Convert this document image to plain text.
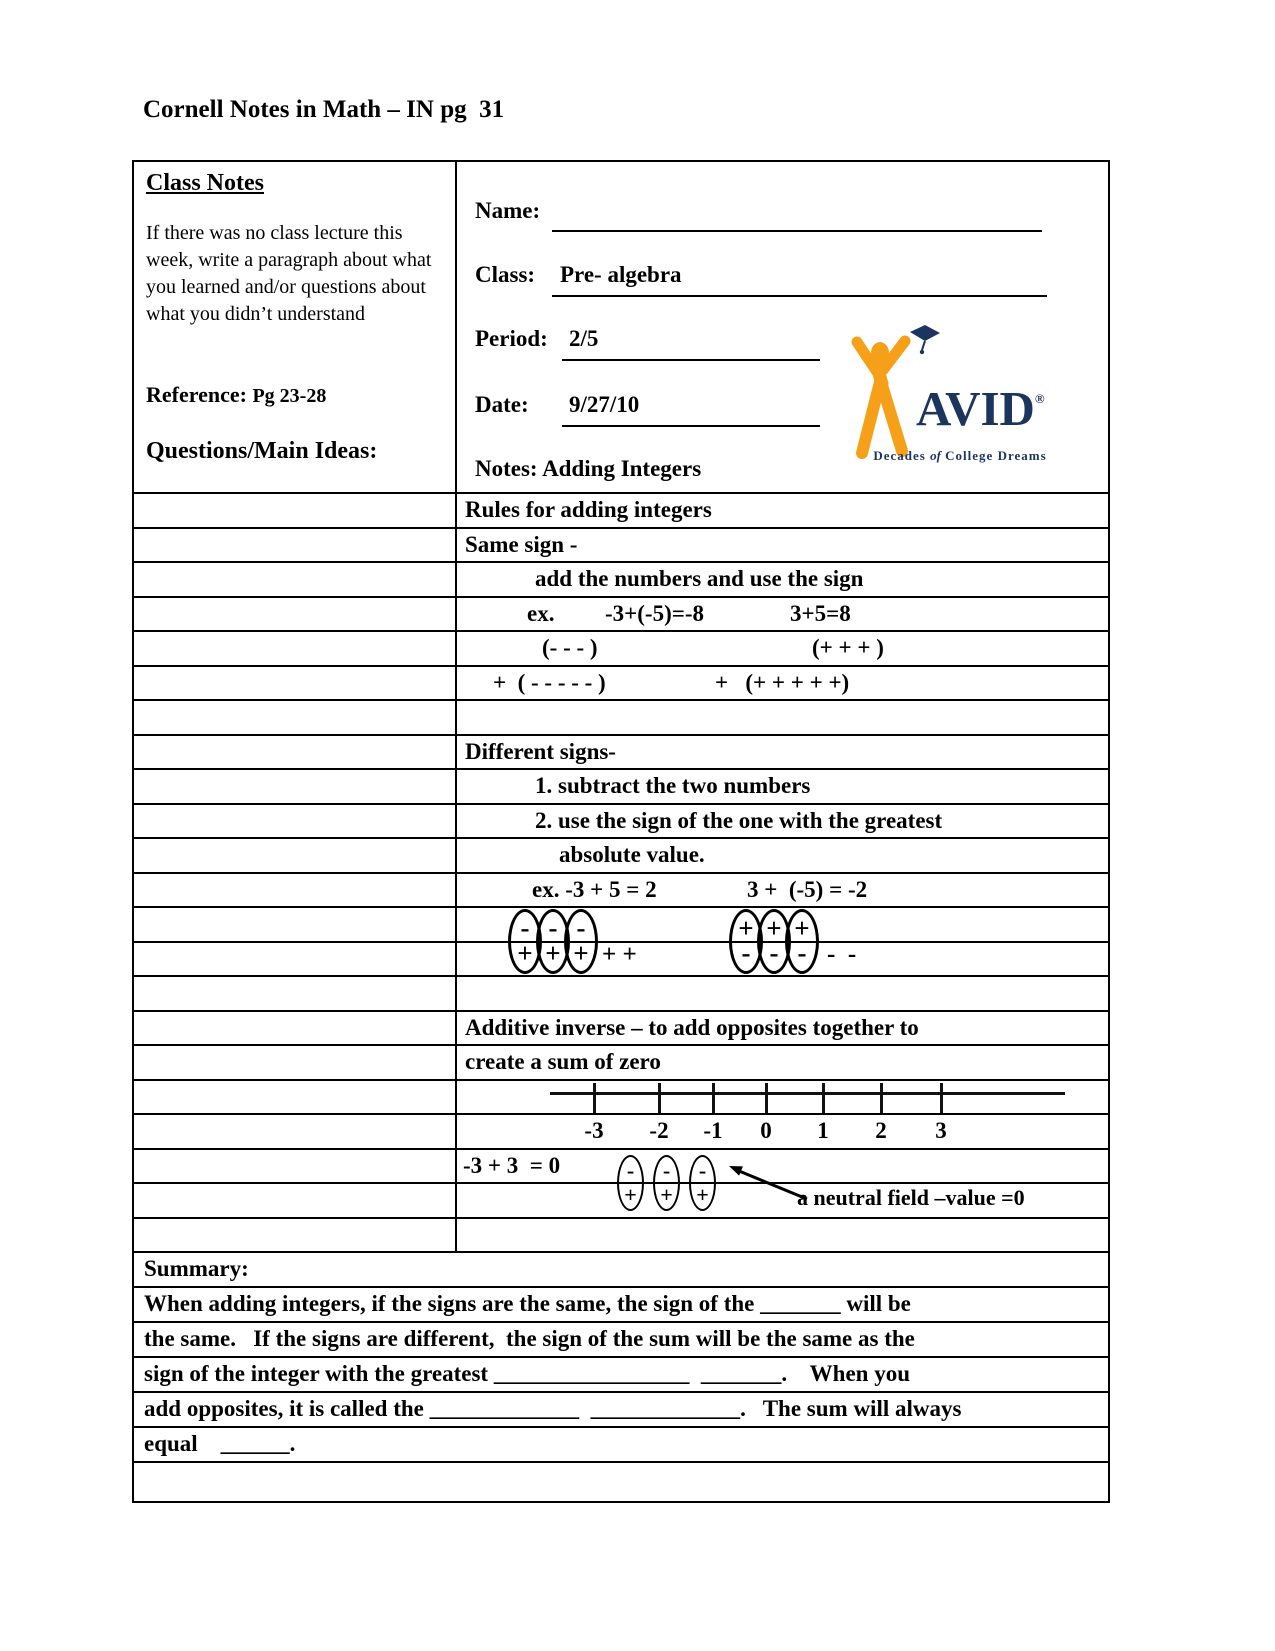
Cornell Notes in Math – IN pg  31
Class Notes
If there was no class lecture this week, write a paragraph about what you learned and/or questions about what you didn’t understand
Reference: Pg 23-28
Questions/Main Ideas:
Name:
Class: Pre- algebra
Period: 2/5
Date: 9/27/10
Notes: Adding Integers
AVID®
Decades of College Dreams
Rules for adding integers
Same sign -
add the numbers and use the sign
ex. -3+(-5)=-8	3+5=8
(- - - )	(+ + + )
+  ( - - - - - )	+   (+ + + + +)
Different signs-
1. subtract the two numbers
2. use the sign of the one with the greatest
absolute value.
ex. -3 + 5 = 2	3 +  (-5) = -2
Additive inverse – to add opposites together to
create a sum of zero
-3	-2	-1	0	1	2	3
-
+
-
+
-
+ + +
+
-
+
-
+
- -  -
-3 + 3  = 0	-
+
-
+
-
+	a neutral field –value =0
Summary:
When adding integers, if the signs are the same, the sign of the _______ will be
the same.   If the signs are different,  the sign of the sum will be the same as the
sign of the integer with the greatest _________________  _______.    When you
add opposites, it is called the _____________  _____________.   The sum will always
equal    ______.
